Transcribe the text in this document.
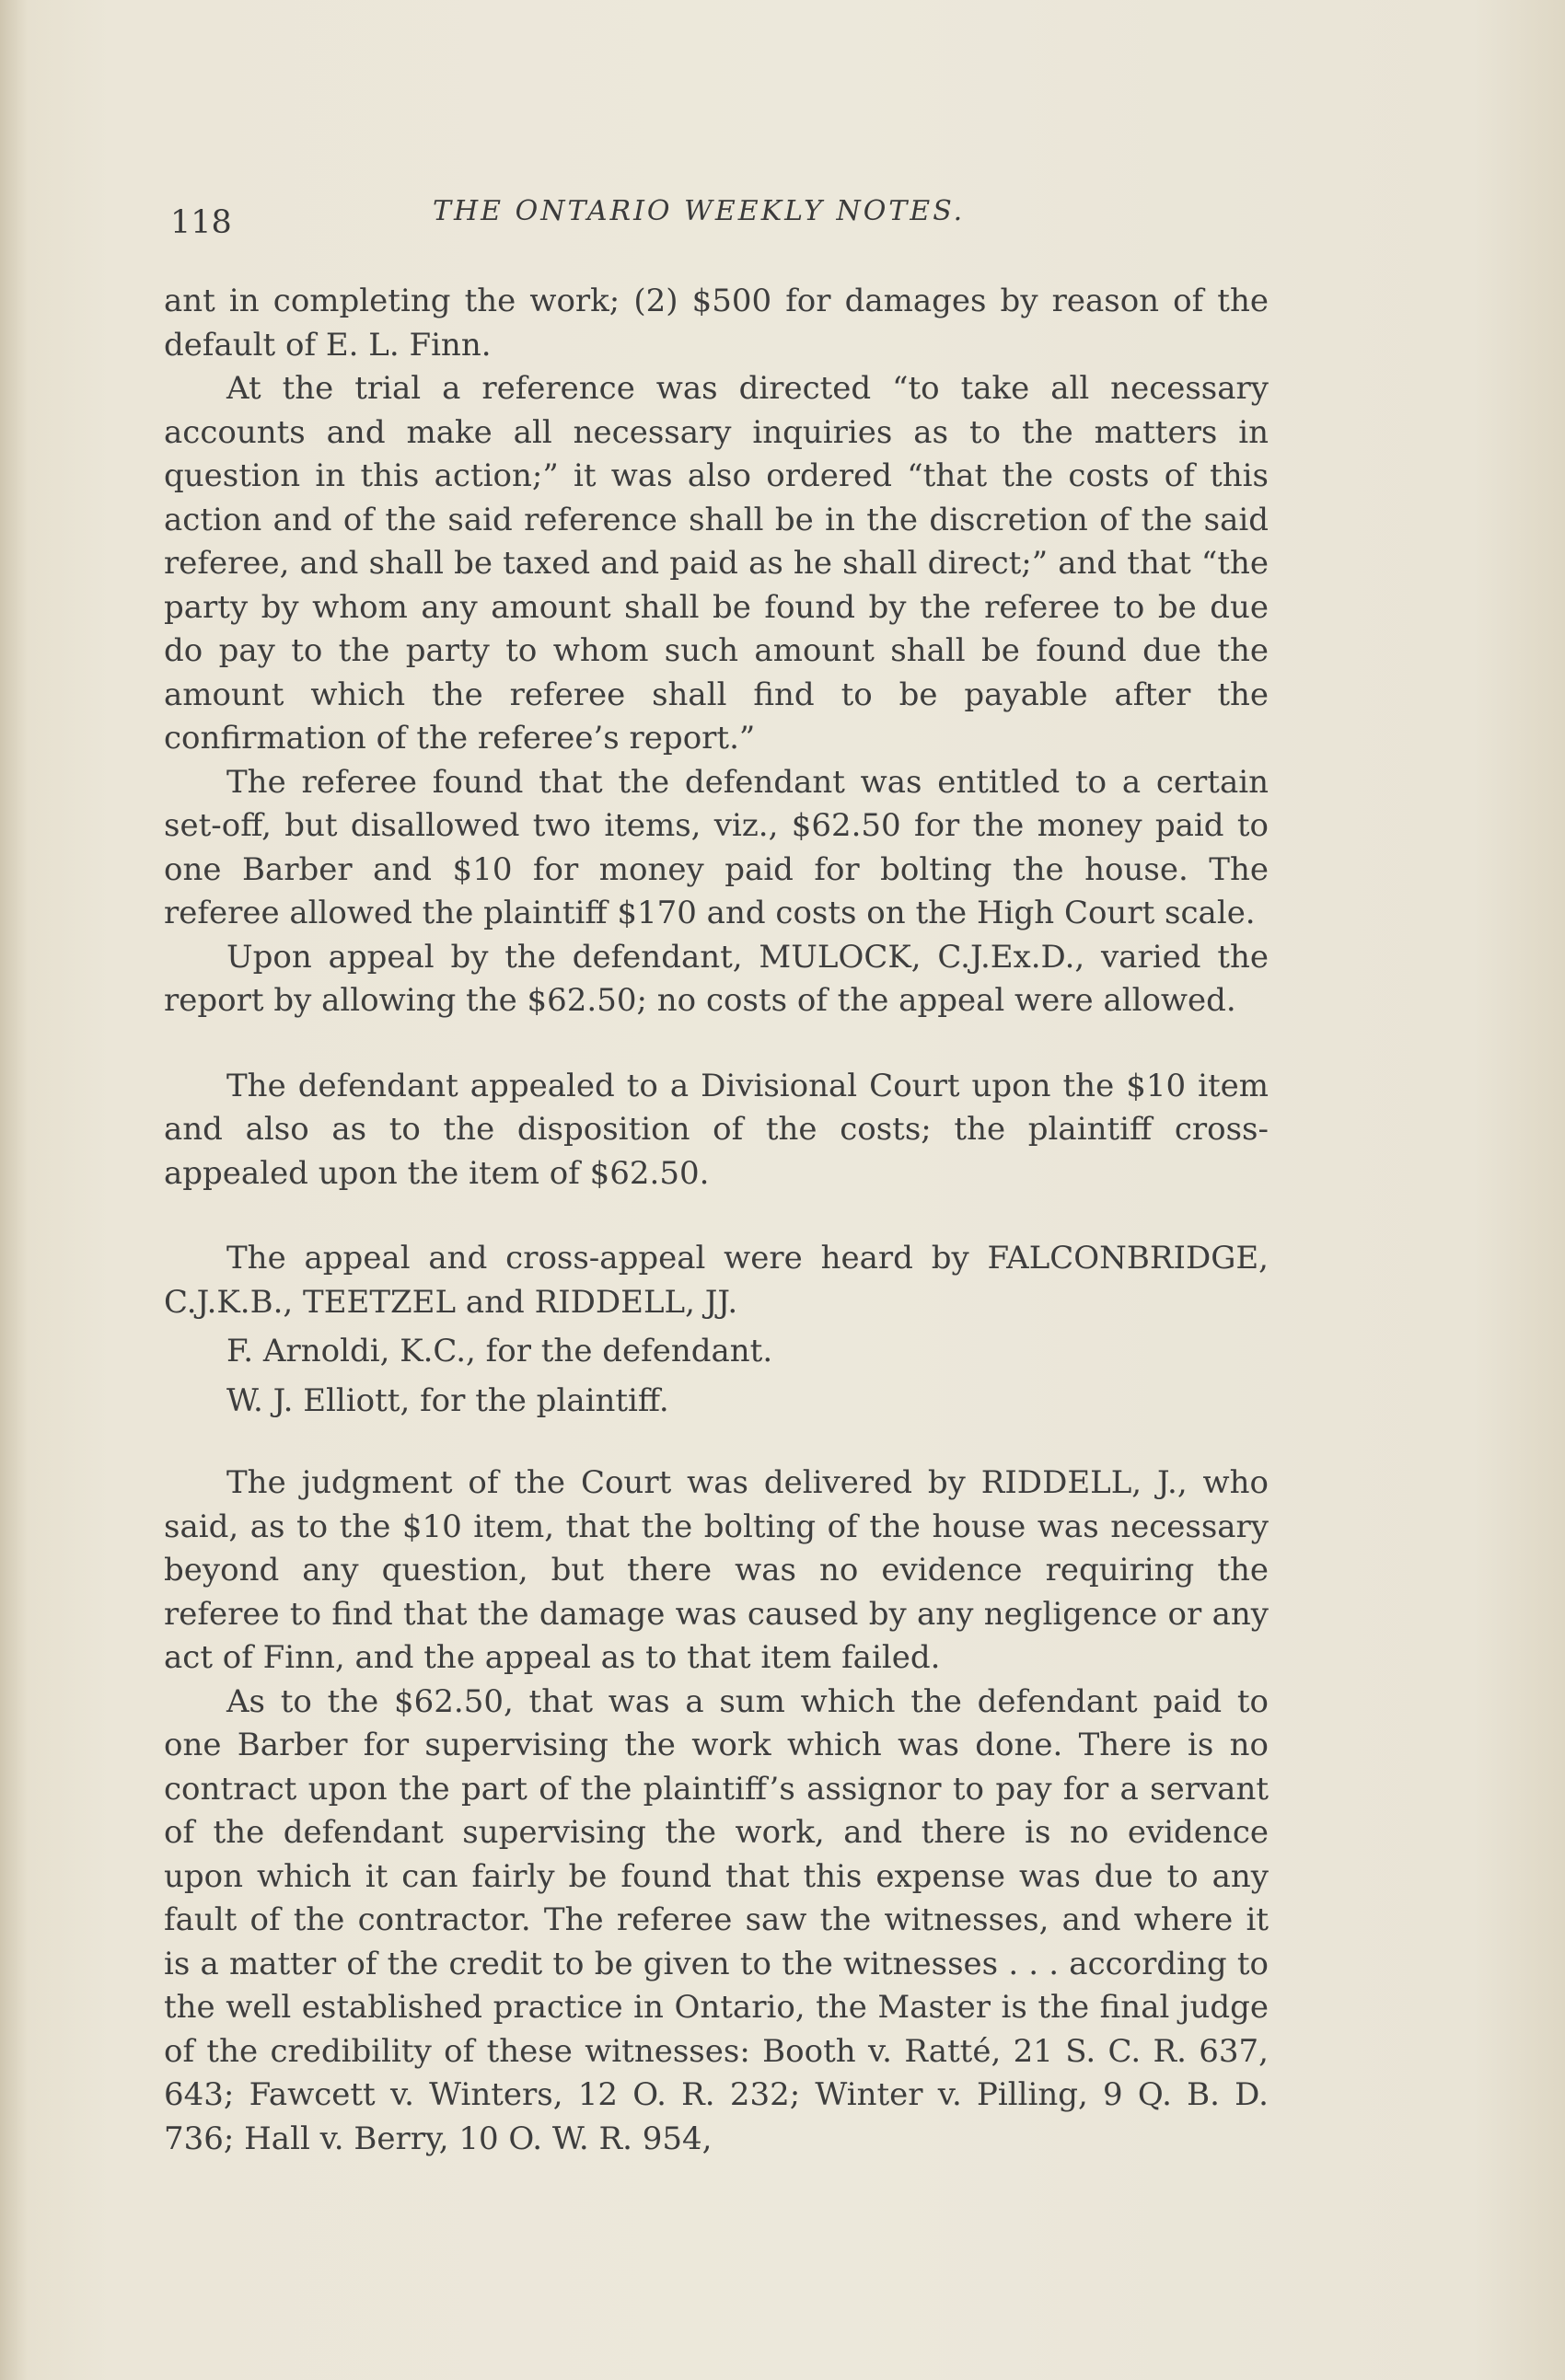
118	THE ONTARIO WEEKLY NOTES.

ant in completing the work; (2) $500 for damages by reason of the default of E. L. Finn.

At the trial a reference was directed “to take all necessary accounts and make all necessary inquiries as to the matters in question in this action;” it was also ordered “that the costs of this action and of the said reference shall be in the discretion of the said referee, and shall be taxed and paid as he shall direct;” and that “the party by whom any amount shall be found by the referee to be due do pay to the party to whom such amount shall be found due the amount which the referee shall find to be payable after the confirmation of the referee’s report.”

The referee found that the defendant was entitled to a certain set-off, but disallowed two items, viz., $62.50 for the money paid to one Barber and $10 for money paid for bolting the house. The referee allowed the plaintiff $170 and costs on the High Court scale.

Upon appeal by the defendant, MULOCK, C.J.Ex.D., varied the report by allowing the $62.50; no costs of the appeal were allowed.

The defendant appealed to a Divisional Court upon the $10 item and also as to the disposition of the costs; the plaintiff cross-appealed upon the item of $62.50.

The appeal and cross-appeal were heard by FALCONBRIDGE, C.J.K.B., TEETZEL and RIDDELL, JJ.

F. Arnoldi, K.C., for the defendant.

W. J. Elliott, for the plaintiff.

The judgment of the Court was delivered by RIDDELL, J., who said, as to the $10 item, that the bolting of the house was necessary beyond any question, but there was no evidence requiring the referee to find that the damage was caused by any negligence or any act of Finn, and the appeal as to that item failed.

As to the $62.50, that was a sum which the defendant paid to one Barber for supervising the work which was done. There is no contract upon the part of the plaintiff’s assignor to pay for a servant of the defendant supervising the work, and there is no evidence upon which it can fairly be found that this expense was due to any fault of the contractor. The referee saw the witnesses, and where it is a matter of the credit to be given to the witnesses . . . according to the well established practice in Ontario, the Master is the final judge of the credibility of these witnesses: Booth v. Ratté, 21 S. C. R. 637, 643; Fawcett v. Winters, 12 O. R. 232; Winter v. Pilling, 9 Q. B. D. 736; Hall v. Berry, 10 O. W. R. 954,
